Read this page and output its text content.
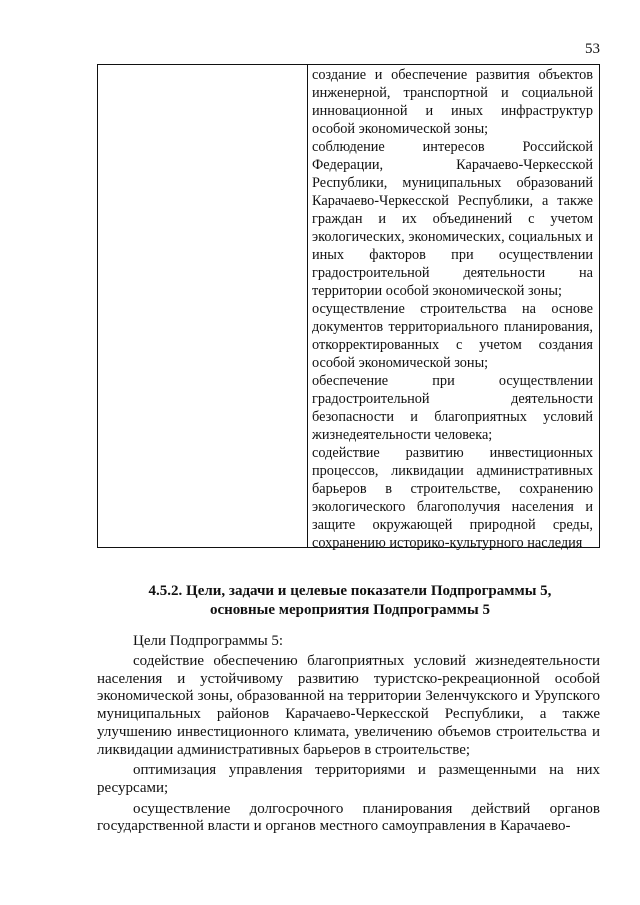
53

создание и обеспечение развития объектов инженерной, транспортной и социальной инновационной и иных инфраструктур особой экономической зоны;

соблюдение интересов Российской Федерации, Карачаево-Черкесской Республики, муниципальных образований Карачаево-Черкесской Республики, а также граждан и их объединений с учетом экологических, экономических, социальных и иных факторов при осуществлении градостроительной деятельности на территории особой экономической зоны;

осуществление строительства на основе документов территориального планирования, откорректированных с учетом создания особой экономической зоны;

обеспечение при осуществлении градостроительной деятельности безопасности и благоприятных условий жизнедеятельности человека;

содействие развитию инвестиционных процессов, ликвидации административных барьеров в строительстве, сохранению экологического благополучия населения и защите окружающей природной среды, сохранению историко-культурного наследия

4.5.2. Цели, задачи и целевые показатели Подпрограммы 5,
основные мероприятия Подпрограммы 5
Цели Подпрограммы 5:

содействие обеспечению благоприятных условий жизнедеятельности населения и устойчивому развитию туристско-рекреационной особой экономической зоны, образованной на территории Зеленчукского и Урупского муниципальных районов Карачаево-Черкесской Республики, а также улучшению инвестиционного климата, увеличению объемов строительства и ликвидации административных барьеров в строительстве;

оптимизация управления территориями и размещенными на них ресурсами;

осуществление долгосрочного планирования действий органов государственной власти и органов местного самоуправления в Карачаево-
